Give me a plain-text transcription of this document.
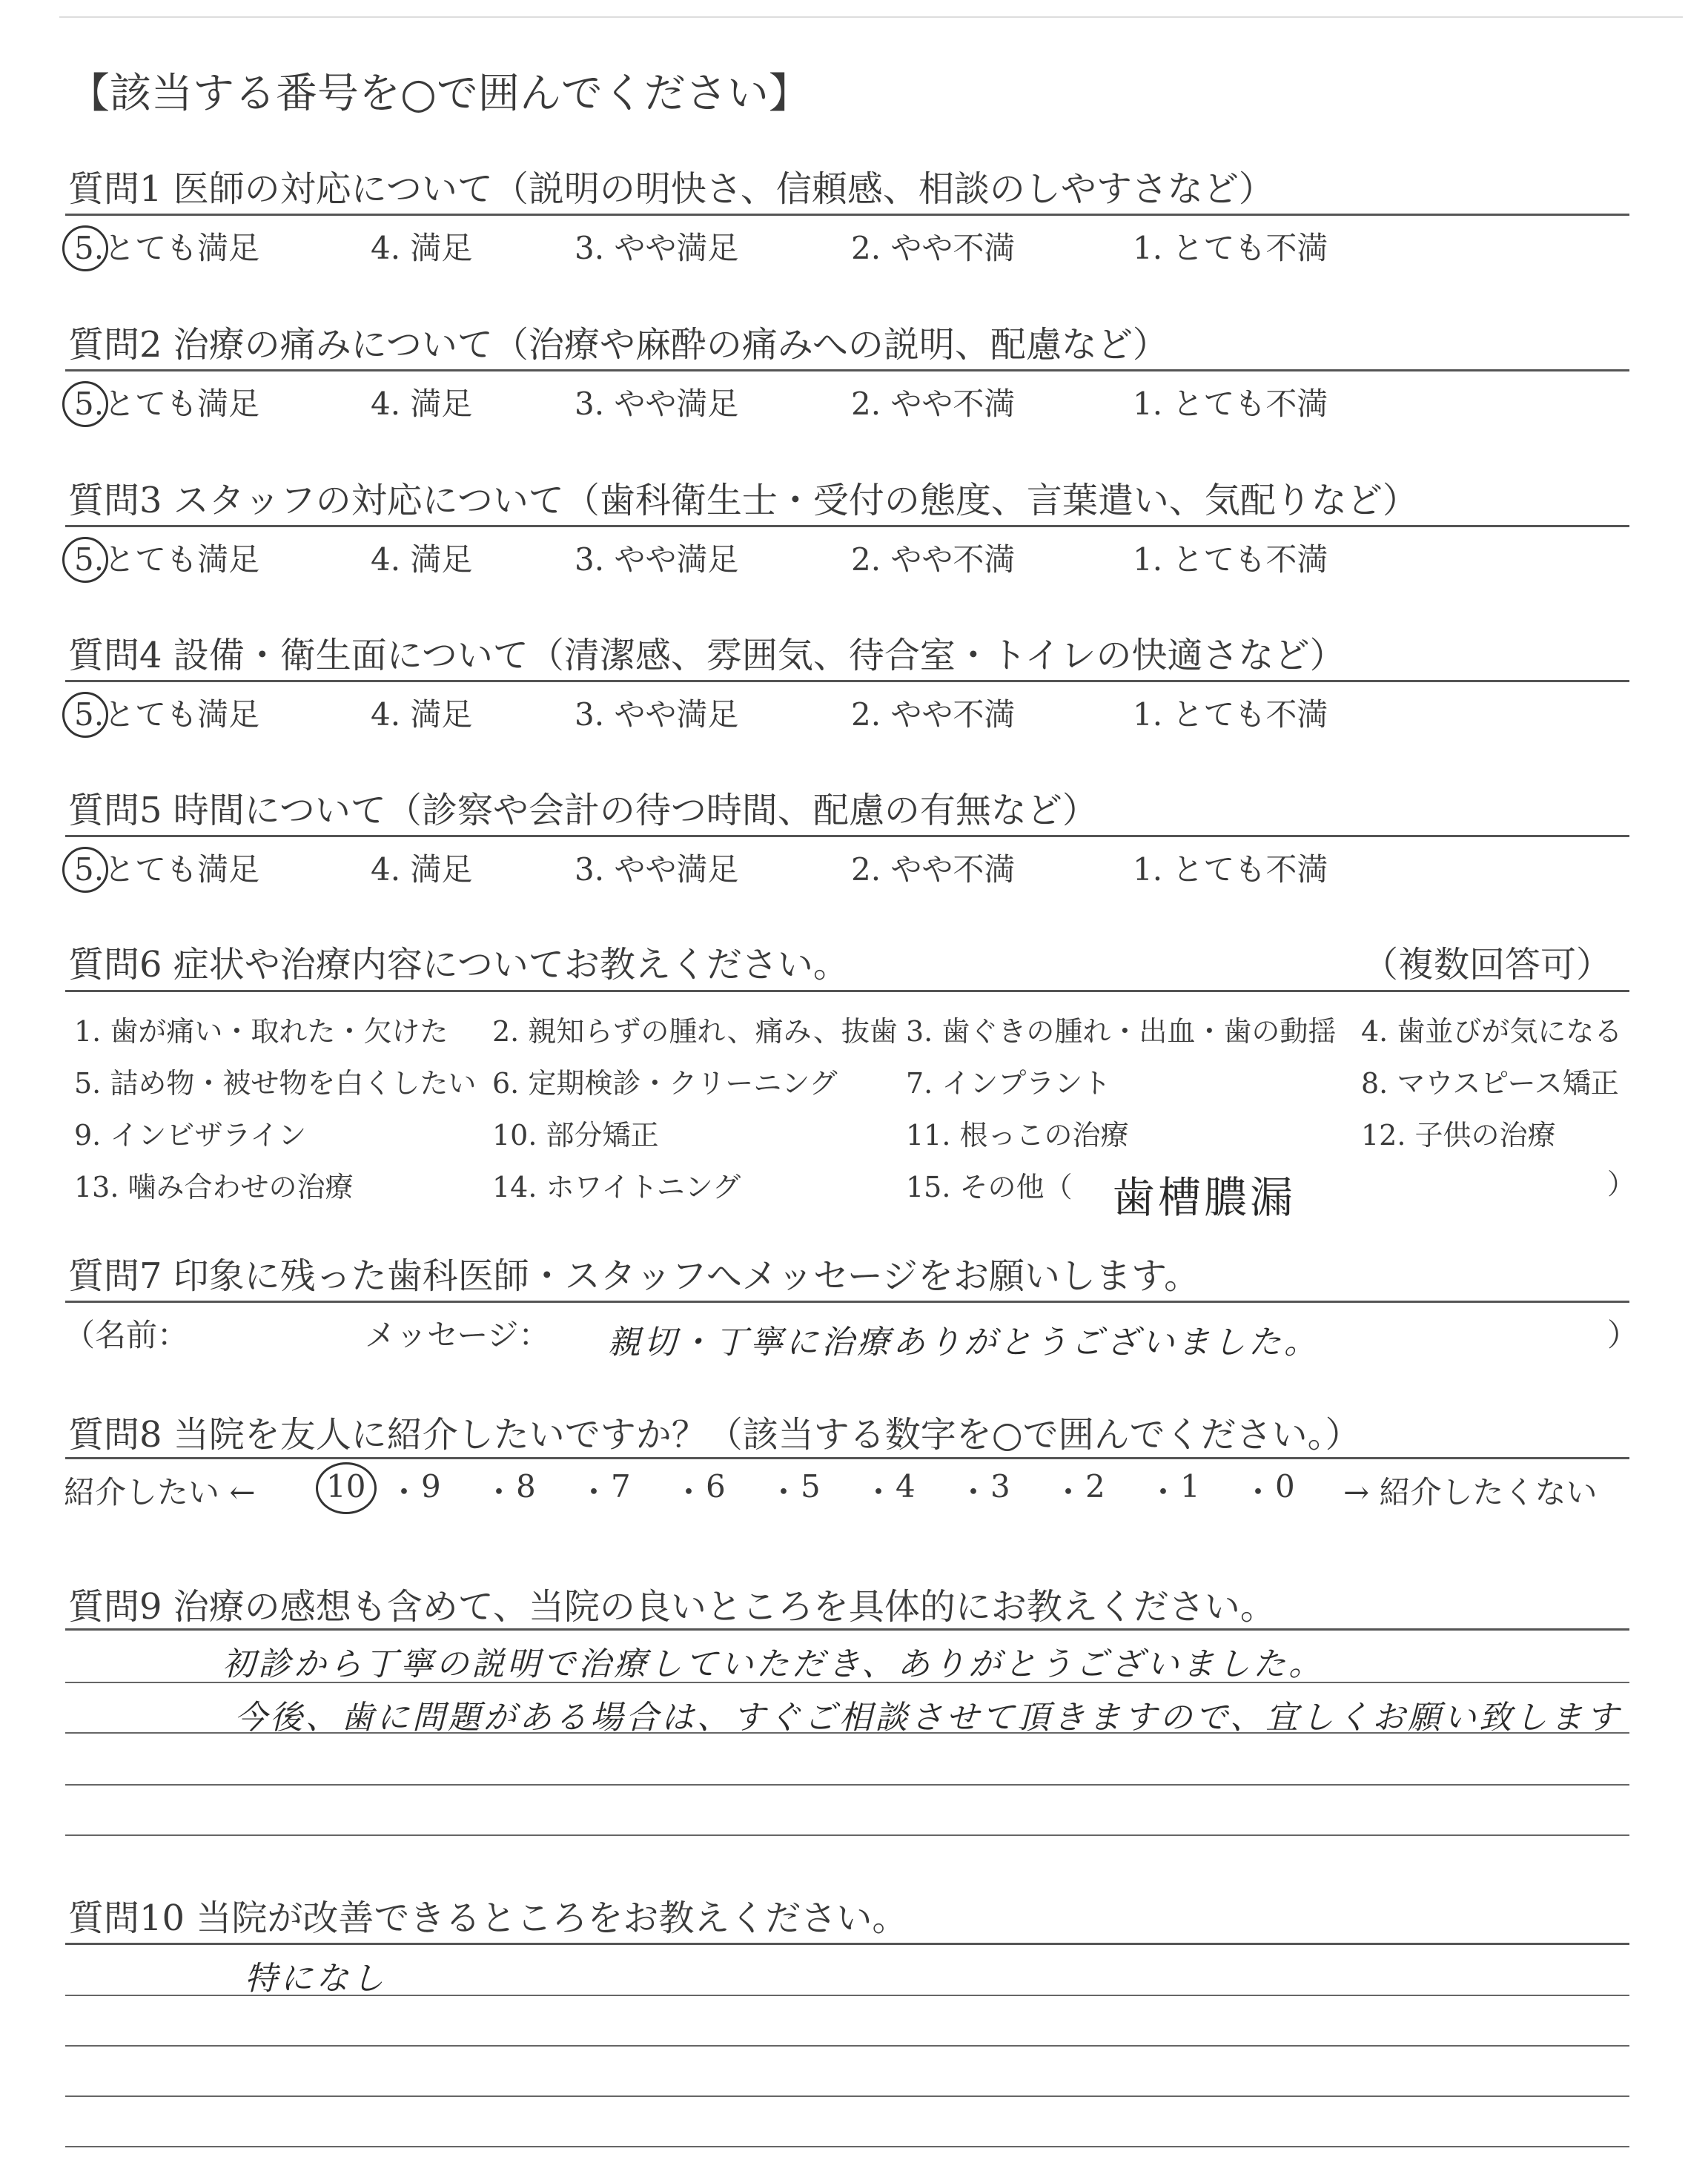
【該当する番号を○で囲んでください】
質問1 医師の対応について（説明の明快さ、信頼感、相談のしやすさなど）
5.とても満足	4. 満足	3. やや満足	2. やや不満	1. とても不満
質問2 治療の痛みについて（治療や麻酔の痛みへの説明、配慮など）
5.とても満足	4. 満足	3. やや満足	2. やや不満	1. とても不満
質問3 スタッフの対応について（歯科衛生士・受付の態度、言葉遣い、気配りなど）
5.とても満足	4. 満足	3. やや満足	2. やや不満	1. とても不満
質問4 設備・衛生面について（清潔感、雰囲気、待合室・トイレの快適さなど）
5.とても満足	4. 満足	3. やや満足	2. やや不満	1. とても不満
質問5 時間について（診察や会計の待つ時間、配慮の有無など）
5.とても満足	4. 満足	3. やや満足	2. やや不満	1. とても不満
質問6 症状や治療内容についてお教えください。	（複数回答可）
1. 歯が痛い・取れた・欠けた 2. 親知らずの腫れ、痛み、抜歯 3. 歯ぐきの腫れ・出血・歯の動揺 4. 歯並びが気になる
5. 詰め物・被せ物を白くしたい 6. 定期検診・クリーニング 7. インプラント	8. マウスピース矯正
9. インビザライン	10. 部分矯正	11. 根っこの治療	12. 子供の治療
13. 噛み合わせの治療	14. ホワイトニング	15. その他（ 歯槽膿漏	）
質問7 印象に残った歯科医師・スタッフへメッセージをお願いします。
（名前：	メッセージ： 親切・丁寧に治療ありがとうございました。	）
質問8 当院を友人に紹介したいですか？（該当する数字を○で囲んでください。）
紹介したい ← 10 ・ 9 ・ 8 ・ 7 ・ 6 ・ 5 ・ 4 ・ 3 ・ 2 ・ 1 ・ 0 → 紹介したくない
質問9 治療の感想も含めて、当院の良いところを具体的にお教えください。
初診から丁寧の説明で治療していただき、ありがとうございました。
今後、歯に問題がある場合は、すぐご相談させて頂きますので、宜しくお願い致します
質問10 当院が改善できるところをお教えください。
特になし
